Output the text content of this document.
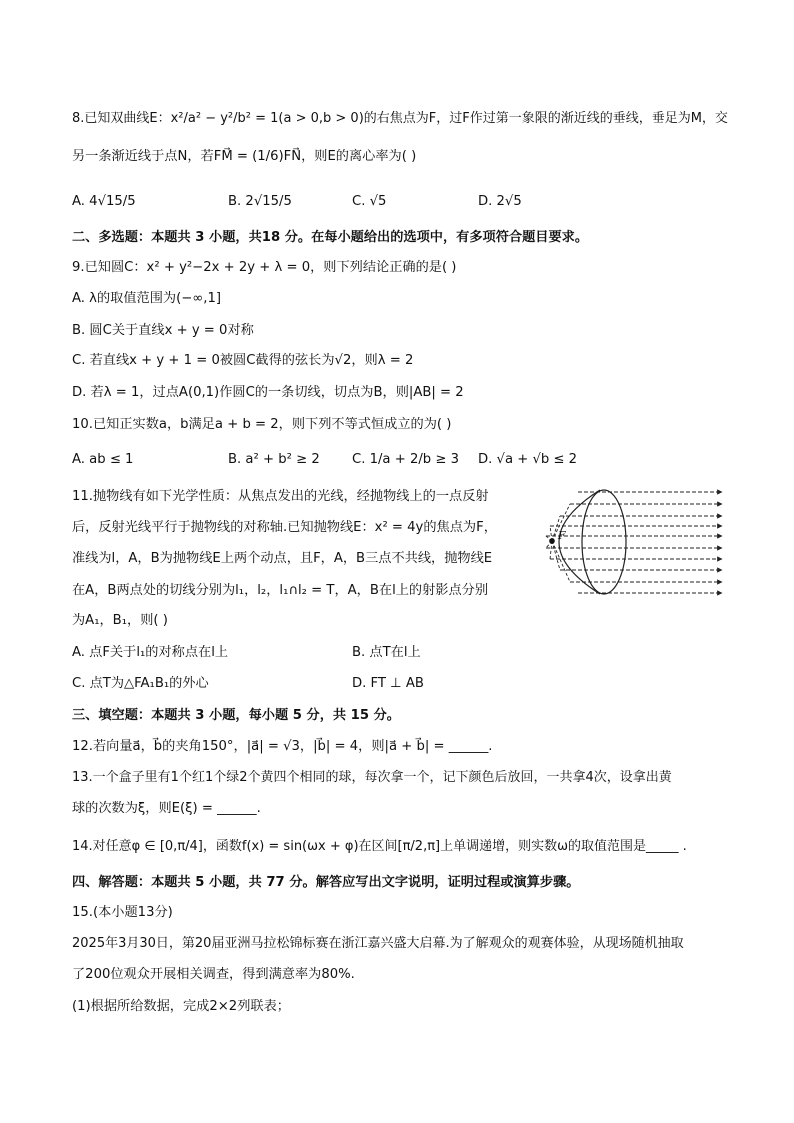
8.已知双曲线E：x²/a² − y²/b² = 1(a > 0,b > 0)的右焦点为F，过F作过第一象限的渐近线的垂线，垂足为M，交
另一条渐近线于点N，若FM⃗ = (1/6)FN⃗，则E的离心率为( )
A. 4√15/5	B. 2√15/5	C. √5	D. 2√5
二、多选题：本题共 3 小题，共18 分。在每小题给出的选项中，有多项符合题目要求。
9.已知圆C：x² + y²−2x + 2y + λ = 0，则下列结论正确的是( )
A. λ的取值范围为(−∞,1]
B. 圆C关于直线x + y = 0对称
C. 若直线x + y + 1 = 0被圆C截得的弦长为√2，则λ = 2
D. 若λ = 1，过点A(0,1)作圆C的一条切线，切点为B，则|AB| = 2
10.已知正实数a，b满足a + b = 2，则下列不等式恒成立的为( )
A. ab ≤ 1	B. a² + b² ≥ 2 C. 1/a + 2/b ≥ 3 D. √a + √b ≤ 2
11.抛物线有如下光学性质：从焦点发出的光线，经抛物线上的一点反射
后，反射光线平行于抛物线的对称轴.已知抛物线E：x² = 4y的焦点为F，
准线为l，A，B为抛物线E上两个动点，且F，A，B三点不共线，抛物线E
在A，B两点处的切线分别为l₁，l₂，l₁∩l₂ = T，A，B在l上的射影点分别
为A₁，B₁，则( )
F
A. 点F关于l₁的对称点在l上	B. 点T在l上
C. 点T为△FA₁B₁的外心	D. FT ⊥ AB
三、填空题：本题共 3 小题，每小题 5 分，共 15 分。
12.若向量a⃗，b⃗的夹角150°，|a⃗| = √3，|b⃗| = 4，则|a⃗ + b⃗| = ______.
13.一个盒子里有1个红1个绿2个黄四个相同的球，每次拿一个，记下颜色后放回，一共拿4次，设拿出黄
球的次数为ξ，则E(ξ) = ______.
14.对任意φ ∈ [0,π/4]，函数f(x) = sin(ωx + φ)在区间[π/2,π]上单调递增，则实数ω的取值范围是_____ .
四、解答题：本题共 5 小题，共 77 分。解答应写出文字说明，证明过程或演算步骤。
15.(本小题13分)
2025年3月30日，第20届亚洲马拉松锦标赛在浙江嘉兴盛大启幕.为了解观众的观赛体验，从现场随机抽取
了200位观众开展相关调查，得到满意率为80%.
(1)根据所给数据，完成2×2列联表；
